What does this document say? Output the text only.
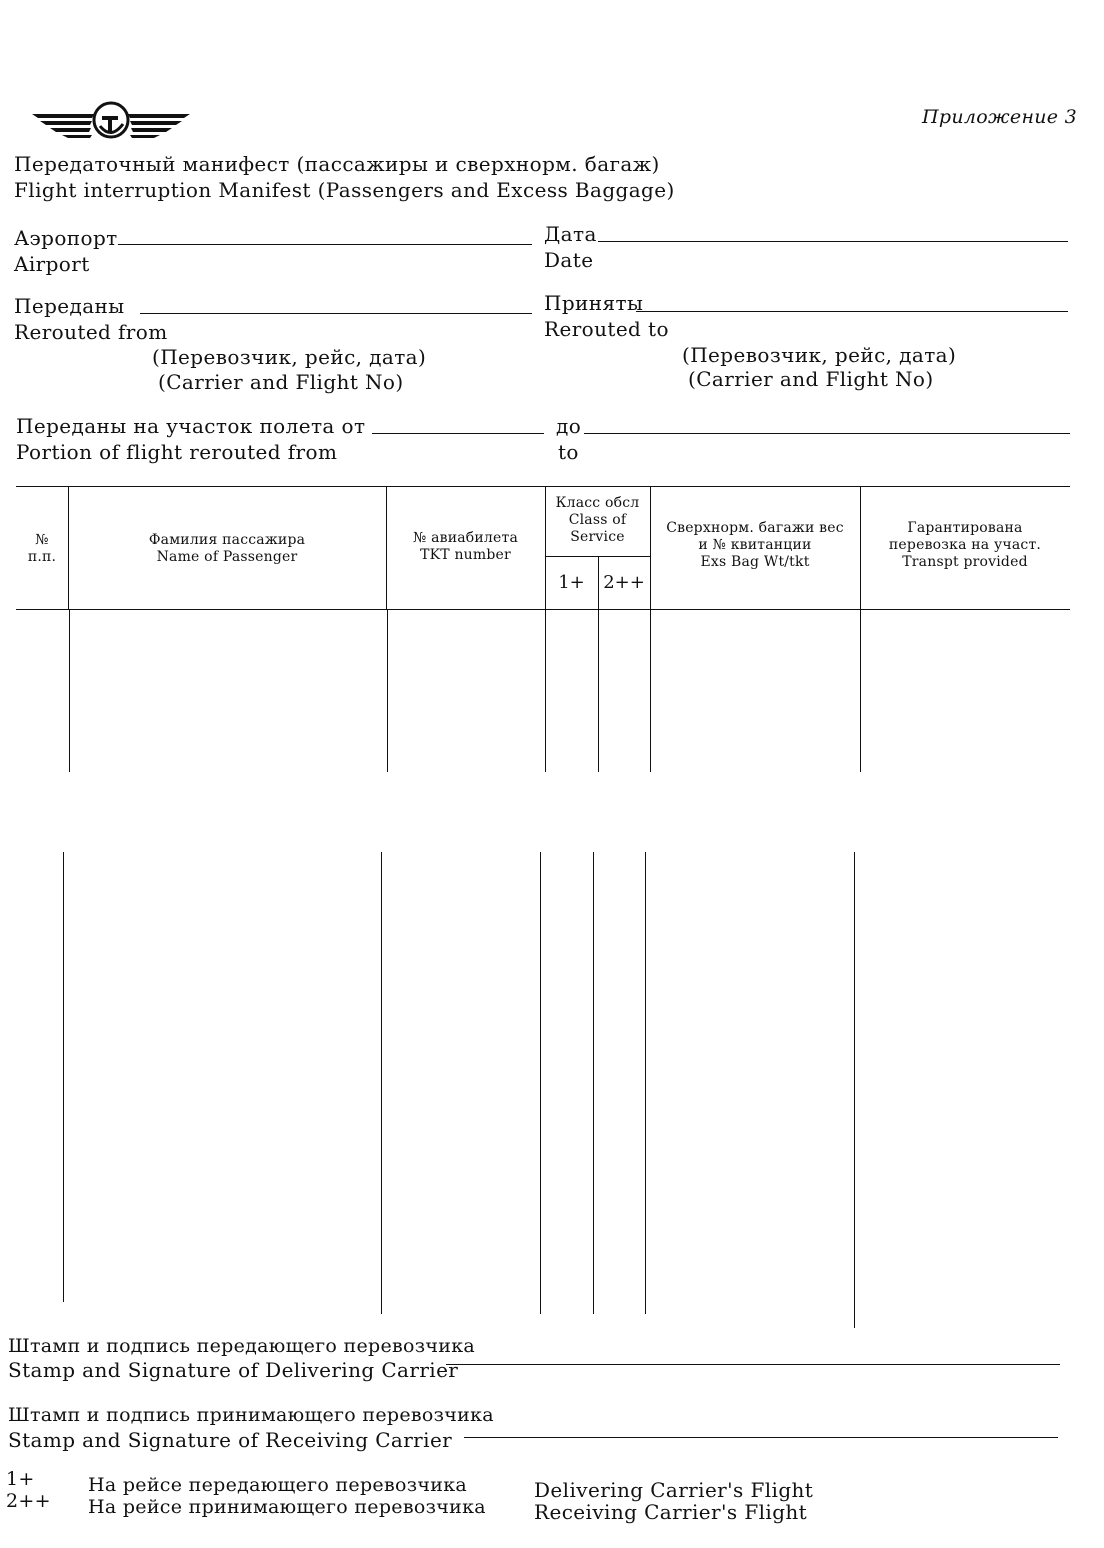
Приложение 3
Передаточный манифест (пассажиры и сверхнорм. багаж)
Flight interruption Manifest (Passengers and Excess Baggage)
Аэропорт
Airport
Дата
Date
Переданы
Rerouted from
(Перевозчик, рейс, дата)
(Carrier and Flight No)
Приняты
Rerouted to
(Перевозчик, рейс, дата)
(Carrier and Flight No)
Переданы на участок полета от
Portion of flight rerouted from
до
to
№
п.п.
Фамилия пассажира
Name of Passenger
№ авиабилета
TKT number
Класс обсл
Class of
Service
1+	2++
Сверхнорм. багажи вес
и № квитанции
Exs Bag Wt/tkt
Гарантирована
перевозка на участ.
Transpt provided
Штамп и подпись передающего перевозчика
Stamp and Signature of Delivering Carrier
Штамп и подпись принимающего перевозчика
Stamp and Signature of Receiving Carrier
1+
2++
На рейсе передающего перевозчика
На рейсе принимающего перевозчика
Delivering Carrier's Flight
Receiving Carrier's Flight
